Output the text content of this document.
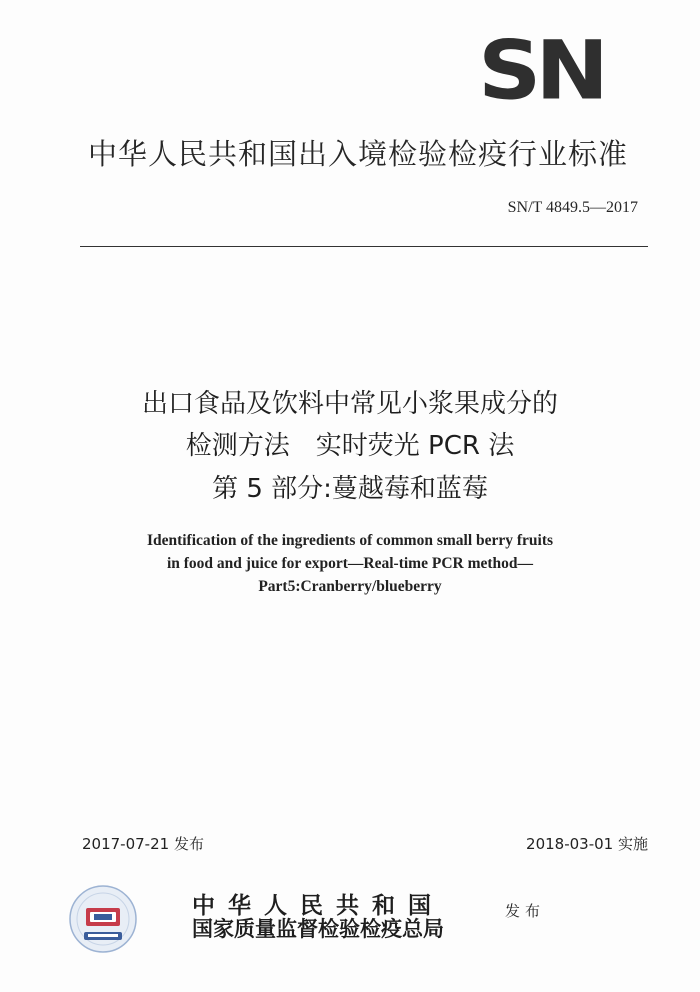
SN
中华人民共和国出入境检验检疫行业标准
SN/T 4849.5—2017
出口食品及饮料中常见小浆果成分的
检测方法　实时荧光 PCR 法
第 5 部分:蔓越莓和蓝莓
Identification of the ingredients of common small berry fruits
in food and juice for export—Real-time PCR method—
Part5:Cranberry/blueberry
2017-07-21 发布	2018-03-01 实施
中华人民共和国
国家质量监督检验检疫总局
发布
